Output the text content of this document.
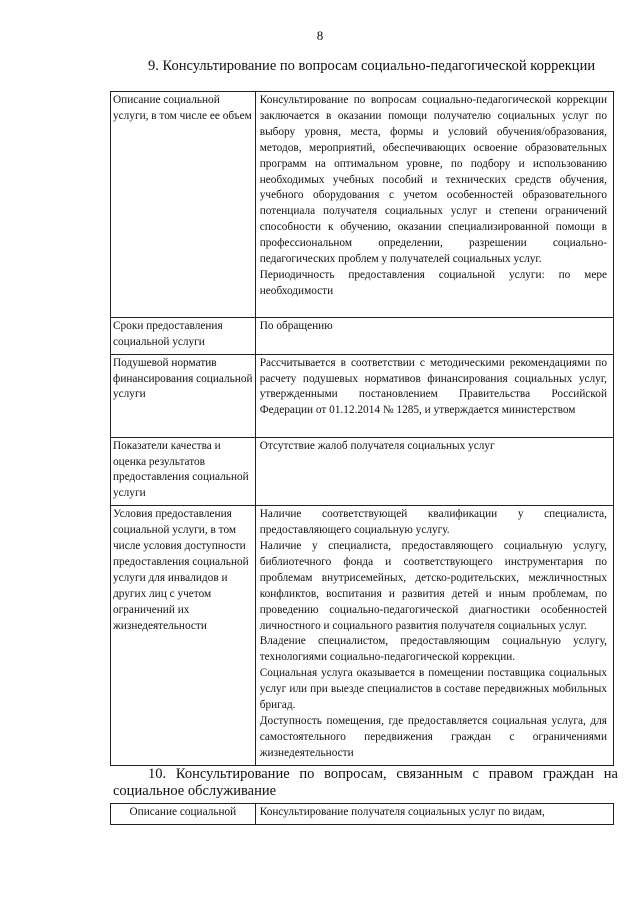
8
9. Консультирование по вопросам социально-педагогической коррекции
Описание социальной услуги, в том числе ее объем	Консультирование по вопросам социально-педагогической коррекции заключается в оказании помощи получателю социальных услуг по выбору уровня, места, формы и условий обучения/образования, методов, мероприятий, обеспечивающих освоение образовательных программ на оптимальном уровне, по подбору и использованию необходимых учебных пособий и технических средств обучения, учебного оборудования с учетом особенностей образовательного потенциала получателя социальных услуг и степени ограничений способности к обучению, оказании специализированной помощи в профессиональном определении, разрешении социально-педагогических проблем у получателей социальных услуг.
Периодичность предоставления социальной услуги: по мере необходимости

Сроки предоставления социальной услуги	По обращению
Подушевой норматив финансирования социальной услуги	Рассчитывается в соответствии с методическими рекомендациями по расчету подушевых нормативов финансирования социальных услуг, утвержденными постановлением Правительства Российской Федерации от 01.12.2014 № 1285, и утверждается министерством
Показатели качества и оценка результатов предоставления социальной услуги	Отсутствие жалоб получателя социальных услуг
Условия предоставления социальной услуги, в том числе условия доступности предоставления социальной услуги для инвалидов и других лиц с учетом ограничений их жизнедеятельности	Наличие соответствующей квалификации у специалиста, предоставляющего социальную услугу.
Наличие у специалиста, предоставляющего социальную услугу, библиотечного фонда и соответствующего инструментария по проблемам внутрисемейных, детско-родительских, межличностных конфликтов, воспитания и развития детей и иным проблемам, по проведению социально-педагогической диагностики особенностей личностного и социального развития получателя социальных услуг.
Владение специалистом, предоставляющим социальную услугу, технологиями социально-педагогической коррекции.
Социальная услуга оказывается в помещении поставщика социальных услуг или при выезде специалистов в составе передвижных мобильных бригад.
Доступность помещения, где предоставляется социальная услуга, для самостоятельного передвижения граждан с ограничениями жизнедеятельности
10. Консультирование по вопросам, связанным с правом граждан на социальное обслуживание
Описание социальной	Консультирование получателя социальных услуг по видам,
